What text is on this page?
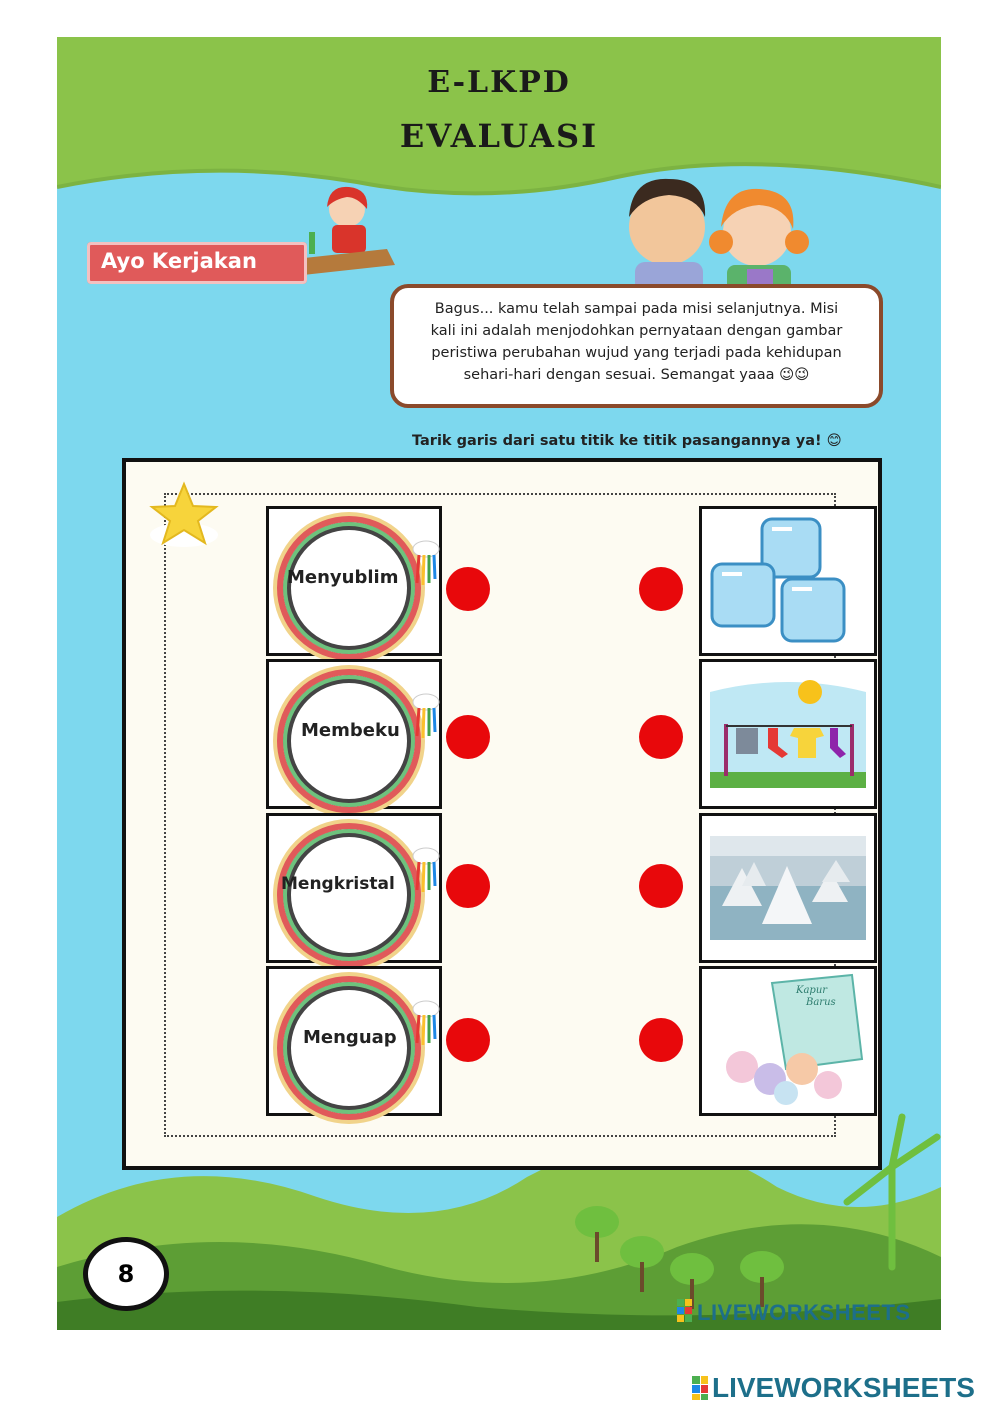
E-LKPD
EVALUASI
Ayo Kerjakan

Bagus... kamu telah sampai pada misi selanjutnya. Misi
kali ini adalah menjodohkan pernyataan dengan gambar
peristiwa perubahan wujud yang terjadi pada kehidupan
sehari-hari dengan sesuai. Semangat yaaa 😉😉

Tarik garis dari satu titik ke titik pasangannya ya! 😊
Menyublim
Membeku
Mengkristal
Menguap
Kapur
Barus
8
LIVEWORKSHEETS
LIVEWORKSHEETS
